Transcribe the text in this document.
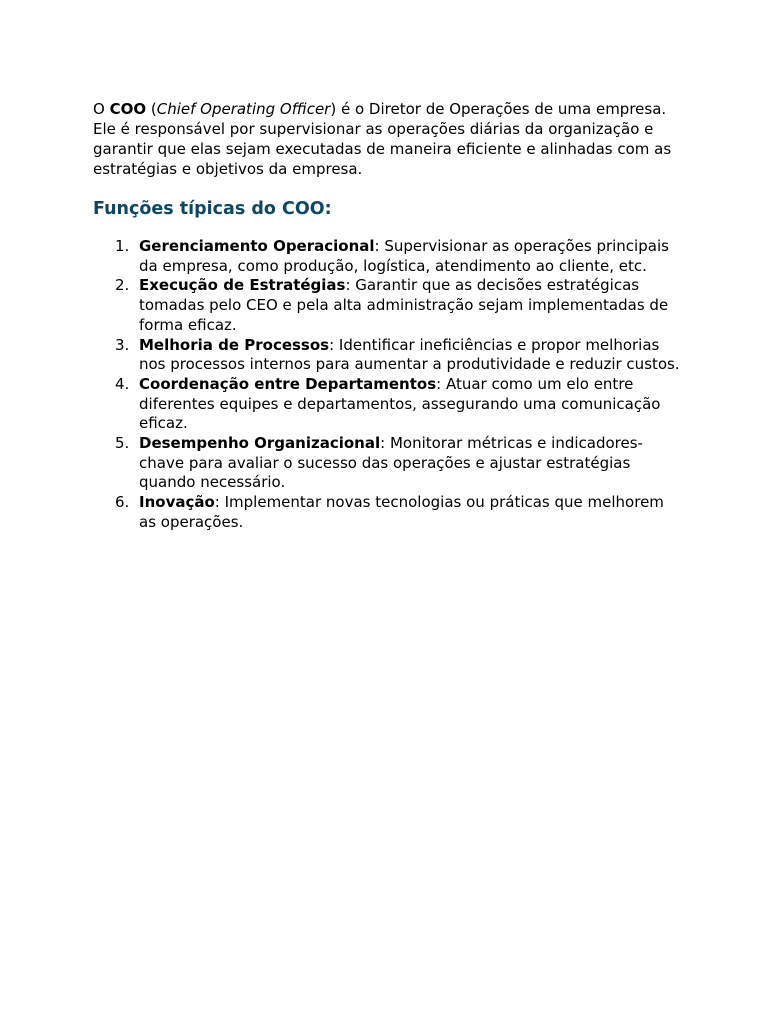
O COO (Chief Operating Officer) é o Diretor de Operações de uma empresa. Ele é responsável por supervisionar as operações diárias da organização e garantir que elas sejam executadas de maneira eficiente e alinhadas com as estratégias e objetivos da empresa.

Funções típicas do COO:
1. Gerenciamento Operacional: Supervisionar as operações principais da empresa, como produção, logística, atendimento ao cliente, etc.
2. Execução de Estratégias: Garantir que as decisões estratégicas tomadas pelo CEO e pela alta administração sejam implementadas de forma eficaz.
3. Melhoria de Processos: Identificar ineficiências e propor melhorias nos processos internos para aumentar a produtividade e reduzir custos.
4. Coordenação entre Departamentos: Atuar como um elo entre diferentes equipes e departamentos, assegurando uma comunicação eficaz.
5. Desempenho Organizacional: Monitorar métricas e indicadores-chave para avaliar o sucesso das operações e ajustar estratégias quando necessário.
6. Inovação: Implementar novas tecnologias ou práticas que melhorem as operações.
